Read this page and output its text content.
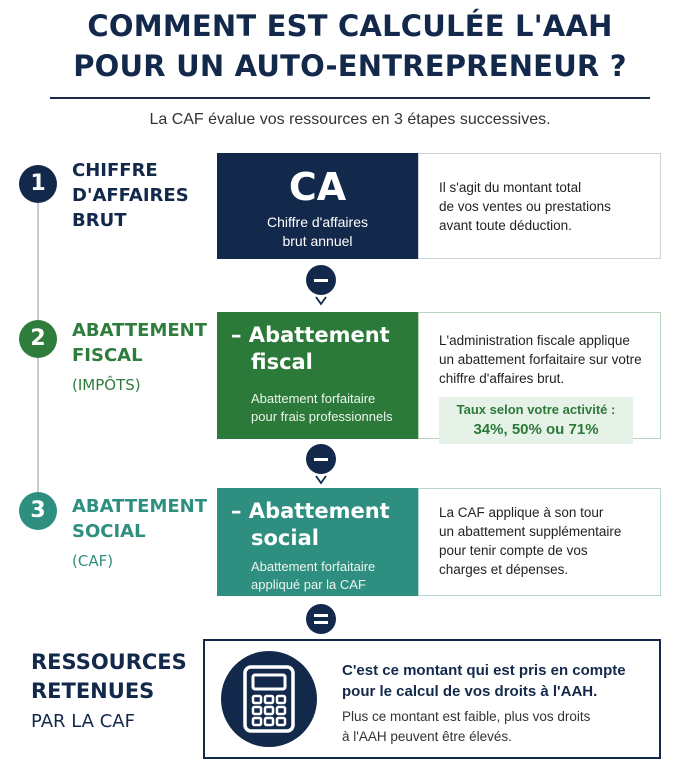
COMMENT EST CALCULÉE L'AAH
POUR UN AUTO-ENTREPRENEUR ?
La CAF évalue vos ressources en 3 étapes successives.
1
CHIFFRE
D'AFFAIRES
BRUT
CA
Chiffre d'affaires
brut annuel

Il s'agit du montant total

de vos ventes ou prestations

avant toute déduction.

2	ABATTEMENT
FISCAL
(IMPÔTS)
– Abattement
fiscal
Abattement forfaitaire
pour frais professionnels

L'administration fiscale applique

un abattement forfaitaire sur votre

chiffre d'affaires brut.

Taux selon votre activité :
34%, 50% ou 71%
3	ABATTEMENT
SOCIAL
(CAF)
– Abattement
social
Abattement forfaitaire
appliqué par la CAF

La CAF applique à son tour

un abattement supplémentaire

pour tenir compte de vos

charges et dépenses.

RESSOURCES
RETENUES
PAR LA CAF
C'est ce montant qui est pris en compte
pour le calcul de vos droits à l'AAH.
Plus ce montant est faible, plus vos droits
à l'AAH peuvent être élevés.
